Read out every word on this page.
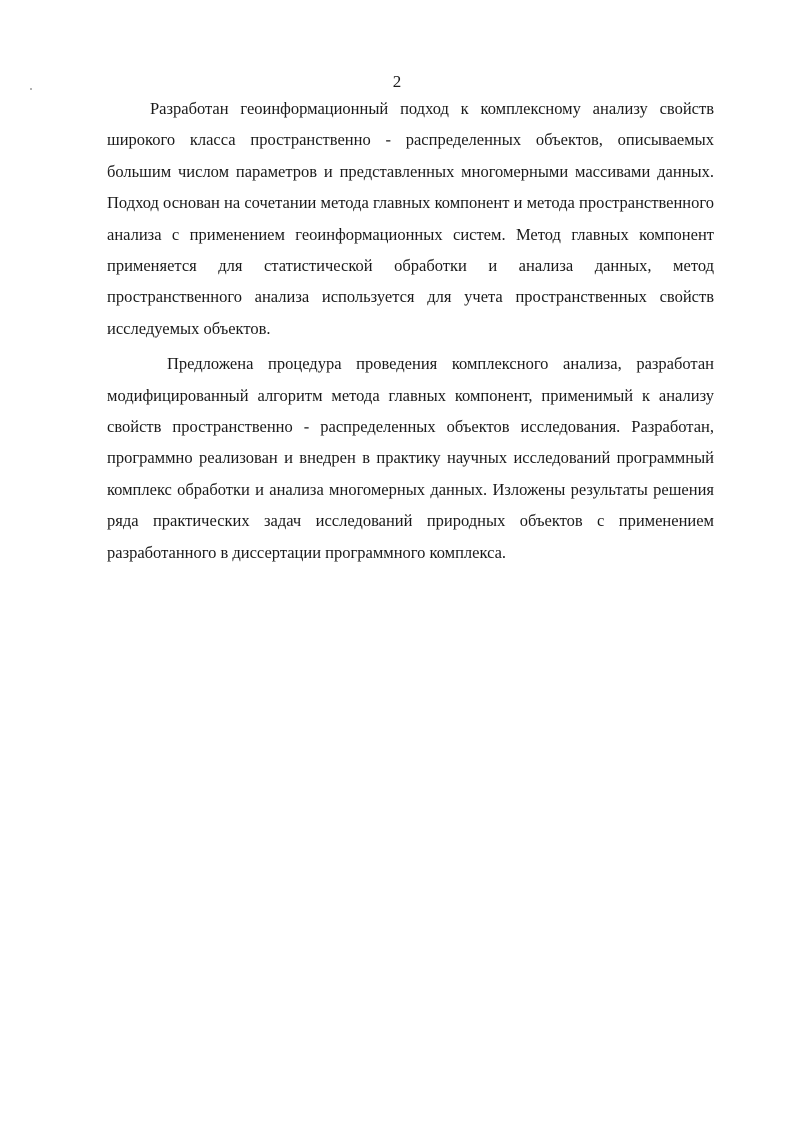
2

Разработан геоинформационный подход к комплексному анализу свойств широкого класса пространственно - распределенных объектов, описываемых большим числом параметров и представленных многомерными массивами данных. Подход основан на сочетании метода главных компонент и метода пространственного анализа с применением геоинформационных систем. Метод главных компонент применяется для статистической обработки и анализа данных, метод пространственного анализа используется для учета пространственных свойств исследуемых объектов.

Предложена процедура проведения комплексного анализа, разработан модифицированный алгоритм метода главных компонент, применимый к анализу свойств пространственно - распределенных объектов исследования. Разработан, программно реализован и внедрен в практику научных исследований программный комплекс обработки и анализа многомерных данных. Изложены результаты решения ряда практических задач исследований природных объектов с применением разработанного в диссертации программного комплекса.
